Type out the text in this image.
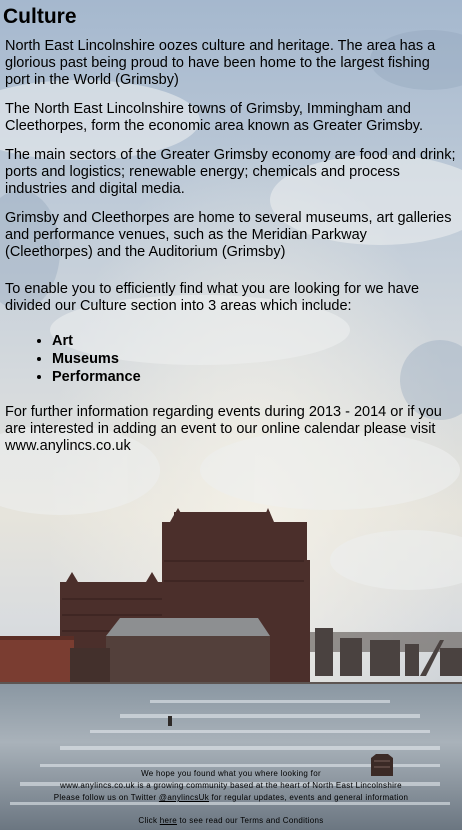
Culture

North East Lincolnshire oozes culture and heritage. The area has a glorious past being proud to have been home to the largest fishing port in the World (Grimsby)

The North East Lincolnshire towns of Grimsby, Immingham and Cleethorpes, form the economic area known as Greater Grimsby.

The main sectors of the Greater Grimsby economy are food and drink; ports and logistics; renewable energy; chemicals and process industries and digital media.

Grimsby and Cleethorpes are home to several museums, art galleries and performance venues, such as the Meridian Parkway (Cleethorpes) and the Auditorium (Grimsby)

To enable you to efficiently find what you are looking for we have divided our Culture section into 3 areas which include:

• Art
• Museums
• Performance

For further information regarding events during 2013 - 2014 or if you are interested in adding an event to our online calendar please visit www.anylincs.co.uk

We hope you found what you where looking for
www.anylincs.co.uk is a growing community based at the heart of North East Lincolnshire
Please follow us on Twitter @anylincsUk for regular updates, events and general information
Click here to see read our Terms and Conditions
